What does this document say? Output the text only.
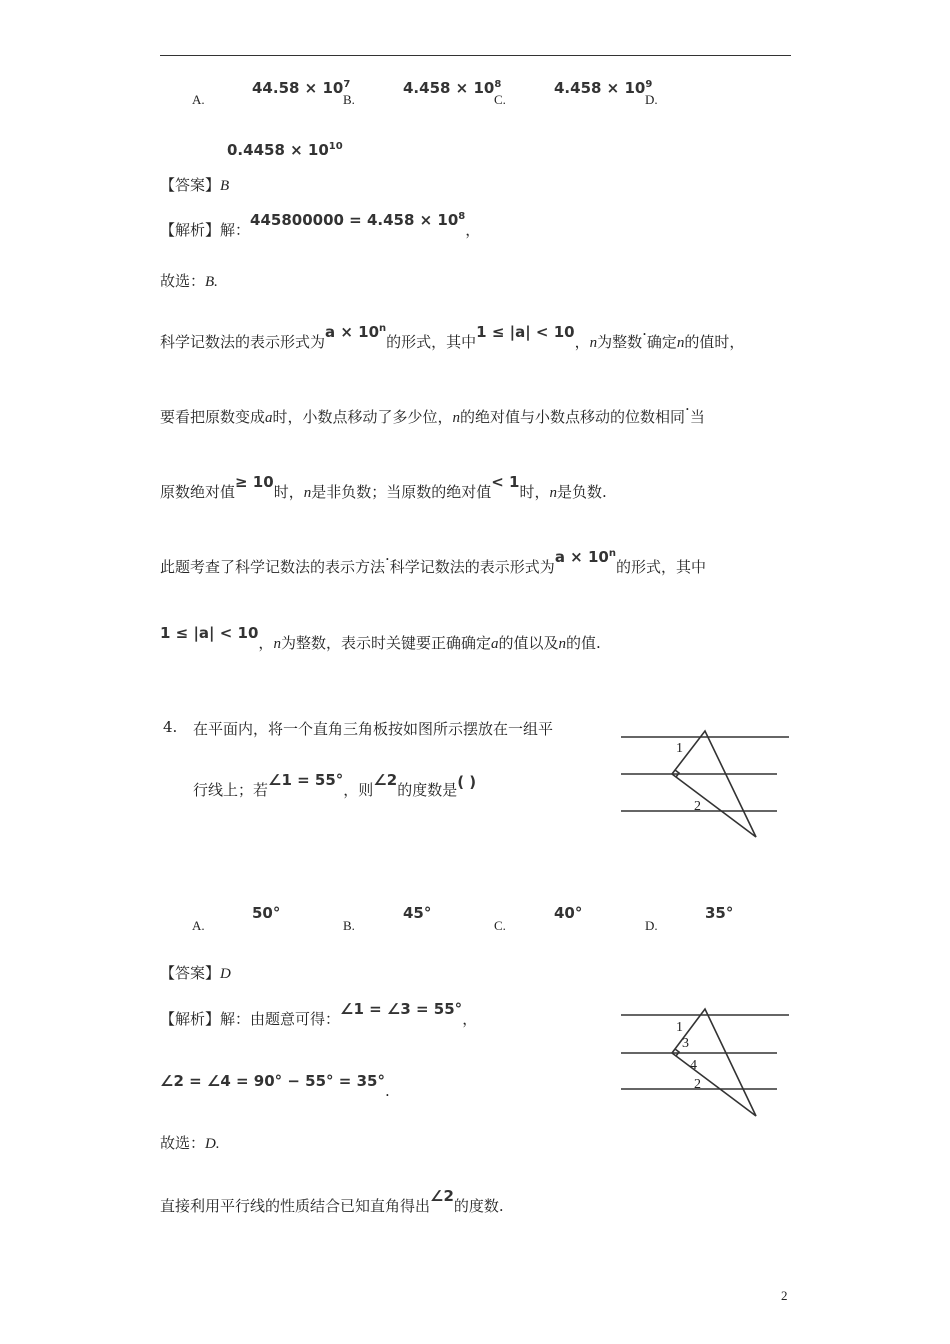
A.
$44.58 \times 10^7$
B.
$4.458 \times 10^8$
C.
$4.458 \times 10^9$
D.
$0.4458 \times 10^{10}$
【答案】B
【解析】解：$445800000 = 4.458 \times 10^8$，
故选：B.
科学记数法的表示形式为$a \times 10^n$的形式，其中1 ≤ |a| < 10，n为整数·确定n的值时，
要看把原数变成a时，小数点移动了多少位，n的绝对值与小数点移动的位数相同·当
原数绝对值≥ 10时，n是非负数；当原数的绝对值< 1时，n是负数.
此题考查了科学记数法的表示方法·科学记数法的表示形式为$a \times 10^n$的形式，其中
1 ≤ |a| < 10，n为整数，表示时关键要正确确定a的值以及n的值.
4. 在平面内，将一个直角三角板按如图所示摆放在一组平
行线上；若∠1 = 55°，则∠2的度数是( )
1
2
A.
50°
B.
45°
C.
40°
D.
35°
【答案】D
【解析】解：由题意可得：∠1 = ∠3 = 55°，
∠2 = ∠4 = 90° − 55° = 35°.
故选：D.
直接利用平行线的性质结合已知直角得出∠2的度数.
1
3
4
2
2
